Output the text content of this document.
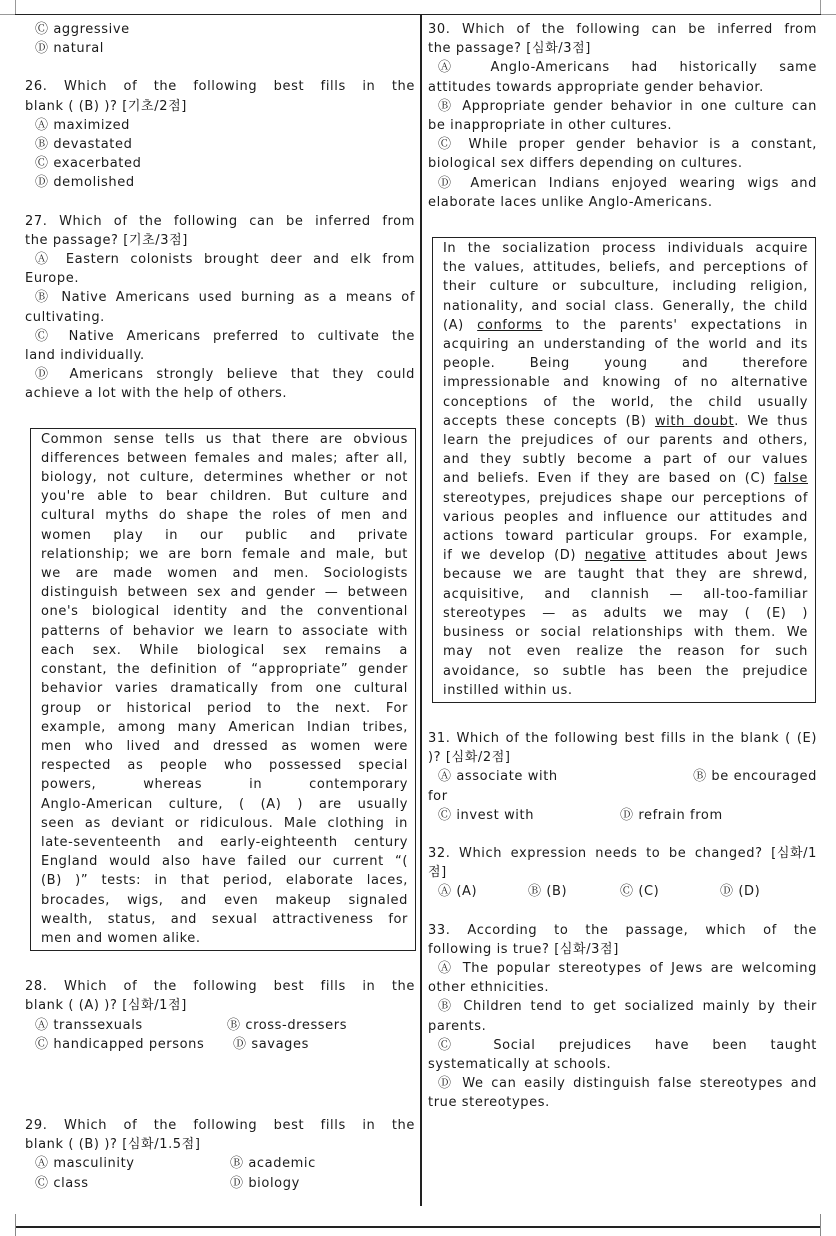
Ⓒ aggressive
Ⓓ natural
26. Which of the following best fills in the
blank ( (B) )? [기초/2점]
Ⓐ maximized
Ⓑ devastated
Ⓒ exacerbated
Ⓓ demolished
27. Which of the following can be inferred from
the passage? [기초/3점]
Ⓐ Eastern colonists brought deer and elk from
Europe.
Ⓑ Native Americans used burning as a means of
cultivating.
Ⓒ Native Americans preferred to cultivate the
land individually.
Ⓓ Americans strongly believe that they could
achieve a lot with the help of others.
Common sense tells us that there are obvious
differences between females and males; after all,
biology, not culture, determines whether or not
you're able to bear children. But culture and
cultural myths do shape the roles of men and
women play in our public and private
relationship; we are born female and male, but
we are made women and men. Sociologists
distinguish between sex and gender — between
one's biological identity and the conventional
patterns of behavior we learn to associate with
each sex. While biological sex remains a
constant, the definition of “appropriate” gender
behavior varies dramatically from one cultural
group or historical period to the next. For
example, among many American Indian tribes,
men who lived and dressed as women were
respected as people who possessed special
powers, whereas in contemporary
Anglo-American culture, ( (A) ) are usually
seen as deviant or ridiculous. Male clothing in
late-seventeenth and early-eighteenth century
England would also have failed our current “(
(B) )” tests: in that period, elaborate laces,
brocades, wigs, and even makeup signaled
wealth, status, and sexual attractiveness for
men and women alike.
28. Which of the following best fills in the
blank ( (A) )? [심화/1점]
Ⓐ transsexuals	Ⓑ cross-dressers
Ⓒ handicapped persons	Ⓓ savages
29. Which of the following best fills in the
blank ( (B) )? [심화/1.5점]
Ⓐ masculinity	Ⓑ academic
Ⓒ class	Ⓓ biology
30. Which of the following can be inferred from
the passage? [심화/3점]
Ⓐ Anglo-Americans had historically same
attitudes towards appropriate gender behavior.
Ⓑ Appropriate gender behavior in one culture can
be inappropriate in other cultures.
Ⓒ While proper gender behavior is a constant,
biological sex differs depending on cultures.
Ⓓ American Indians enjoyed wearing wigs and
elaborate laces unlike Anglo-Americans.
In the socialization process individuals acquire
the values, attitudes, beliefs, and perceptions of
their culture or subculture, including religion,
nationality, and social class. Generally, the child
(A) conforms to the parents' expectations in
acquiring an understanding of the world and its
people. Being young and therefore
impressionable and knowing of no alternative
conceptions of the world, the child usually
accepts these concepts (B) with doubt. We thus
learn the prejudices of our parents and others,
and they subtly become a part of our values
and beliefs. Even if they are based on (C) false
stereotypes, prejudices shape our perceptions of
various peoples and influence our attitudes and
actions toward particular groups. For example,
if we develop (D) negative attitudes about Jews
because we are taught that they are shrewd,
acquisitive, and clannish — all-too-familiar
stereotypes — as adults we may ( (E) )
business or social relationships with them. We
may not even realize the reason for such
avoidance, so subtle has been the prejudice
instilled within us.
31. Which of the following best fills in the blank ( (E)
)? [심화/2점]
Ⓐ associate with	Ⓑ be encouraged
for
Ⓒ invest with	Ⓓ refrain from
32. Which expression needs to be changed? [심화/1
점]
Ⓐ (A)	Ⓑ (B)	Ⓒ (C)	Ⓓ (D)
33. According to the passage, which of the
following is true? [심화/3점]
Ⓐ The popular stereotypes of Jews are welcoming
other ethnicities.
Ⓑ Children tend to get socialized mainly by their
parents.
Ⓒ Social prejudices have been taught
systematically at schools.
Ⓓ We can easily distinguish false stereotypes and
true stereotypes.
